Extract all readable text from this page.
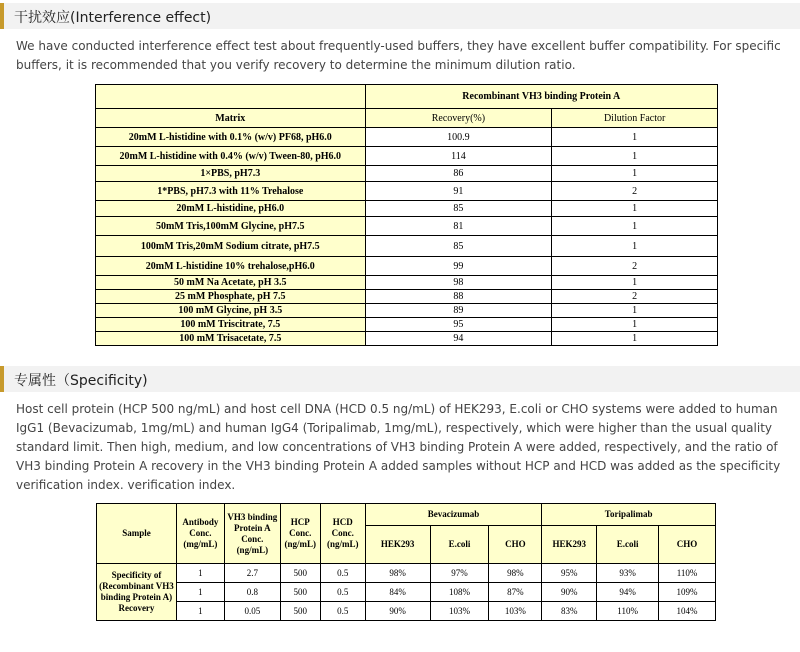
干扰效应(Interference effect)
We have conducted interference effect test about frequently-used buffers, they have excellent buffer compatibility. For specific buffers, it is recommended that you verify recovery to determine the minimum dilution ratio.
	Recombinant VH3 binding Protein A	
Matrix	Recovery(%)	Dilution Factor
20mM L-histidine with 0.1% (w/v) PF68, pH6.0	100.9	1
20mM L-histidine with 0.4% (w/v) Tween-80, pH6.0	114	1
1×PBS, pH7.3	86	1
1*PBS, pH7.3 with 11% Trehalose	91	2
20mM L-histidine, pH6.0	85	1
50mM Tris,100mM Glycine, pH7.5	81	1
100mM Tris,20mM Sodium citrate, pH7.5	85	1
20mM L-histidine 10% trehalose,pH6.0	99	2
50 mM Na Acetate, pH 3.5	98	1
25 mM Phosphate, pH 7.5	88	2
100 mM Glycine, pH 3.5	89	1
100 mM Triscitrate, 7.5	95	1
100 mM Trisacetate, 7.5	94	1
专属性（Specificity)
Host cell protein (HCP 500 ng/mL) and host cell DNA (HCD 0.5 ng/mL) of HEK293, E.coli or CHO systems were added to human IgG1 (Bevacizumab, 1mg/mL) and human IgG4 (Toripalimab, 1mg/mL), respectively, which were higher than the usual quality standard limit. Then high, medium, and low concentrations of VH3 binding Protein A were added, respectively, and the ratio of VH3 binding Protein A recovery in the VH3 binding Protein A added samples without HCP and HCD was added as the specificity verification index. verification index.
Sample	Antibody Conc. (mg/mL)	VH3 binding Protein A Conc. (ng/mL)	HCP Conc. (ng/mL)	HCD Conc. (ng/mL)	Bevacizumab			Toripalimab		
					HEK293	E.coli	CHO	HEK293	E.coli	CHO
Specificity of (Recombinant VH3 binding Protein A) Recovery	1	2.7	500	0.5	98%	97%	98%	95%	93%	110%
	1	0.8	500	0.5	84%	108%	87%	90%	94%	109%
	1	0.05	500	0.5	90%	103%	103%	83%	110%	104%
